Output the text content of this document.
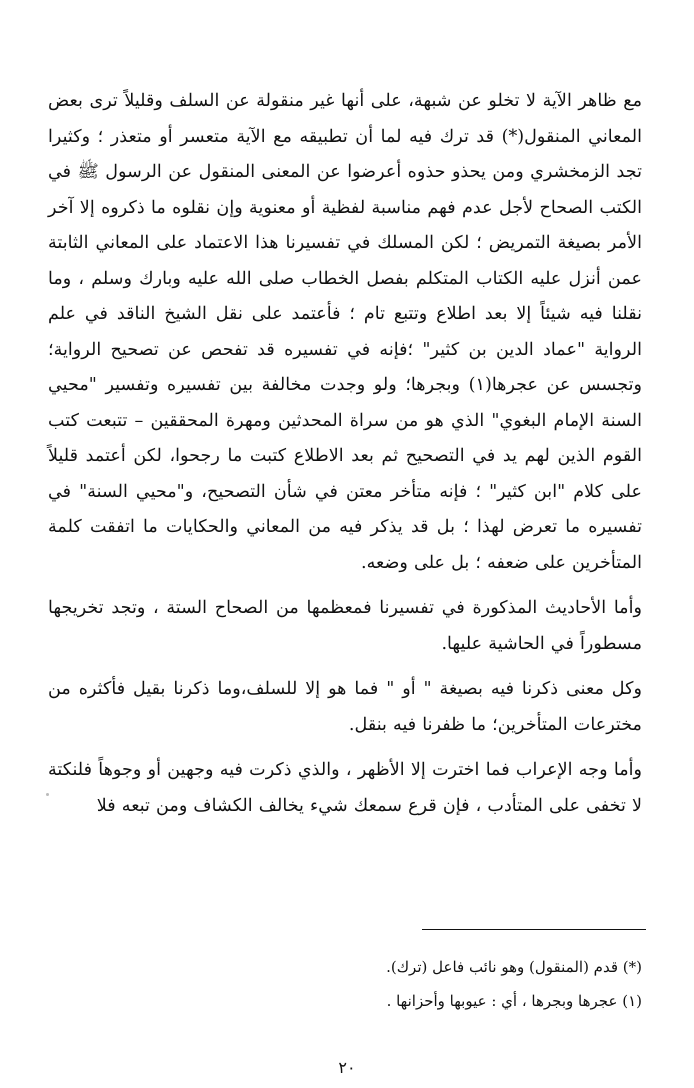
مع ظاهر الآية لا تخلو عن شبهة، على أنها غير منقولة عن السلف وقليلاً ترى بعض المعاني المنقول(*) قد ترك فيه لما أن تطبيقه مع الآية متعسر أو متعذر ؛ وكثيرا تجد الزمخشري ومن يحذو حذوه أعرضوا عن المعنى المنقول عن الرسول ﷺ في الكتب الصحاح لأجل عدم فهم مناسبة لفظية أو معنوية وإن نقلوه ما ذكروه إلا آخر الأمر بصيغة التمريض ؛ لكن المسلك في تفسيرنا هذا الاعتماد على المعاني الثابتة عمن أنزل عليه الكتاب المتكلم بفصل الخطاب صلى الله عليه وبارك وسلم ، وما نقلنا فيه شيئاً إلا بعد اطلاع وتتبع تام ؛ فأعتمد على نقل الشيخ الناقد في علم الرواية "عماد الدين بن كثير" ؛فإنه في تفسيره قد تفحص عن تصحيح الرواية؛ وتجسس عن عجرها(١) وبجرها؛ ولو وجدت مخالفة بين تفسيره وتفسير "محيي السنة الإمام البغوي" الذي هو من سراة المحدثين ومهرة المحققين – تتبعت كتب القوم الذين لهم يد في التصحيح ثم بعد الاطلاع كتبت ما رجحوا، لكن أعتمد قليلاً على كلام "ابن كثير" ؛ فإنه متأخر معتن في شأن التصحيح، و"محيي السنة" في تفسيره ما تعرض لهذا ؛ بل قد يذكر فيه من المعاني والحكايات ما اتفقت كلمة المتأخرين على ضعفه ؛ بل على وضعه.

وأما الأحاديث المذكورة في تفسيرنا فمعظمها من الصحاح الستة ، وتجد تخريجها مسطوراً في الحاشية عليها.

وكل معنى ذكرنا فيه بصيغة " أو " فما هو إلا للسلف،وما ذكرنا بقيل فأكثره من مخترعات المتأخرين؛ ما ظفرنا فيه بنقل.

وأما وجه الإعراب فما اخترت إلا الأظهر ، والذي ذكرت فيه وجهين أو وجوهاً فلنكتة لا تخفى على المتأدب ، فإن قرع سمعك شيء يخالف الكشاف ومن تبعه فلا

(*) قدم (المنقول) وهو نائب فاعل (ترك).

(١) عجرها وبجرها ، أي : عيوبها وأحزانها .

٢٠
